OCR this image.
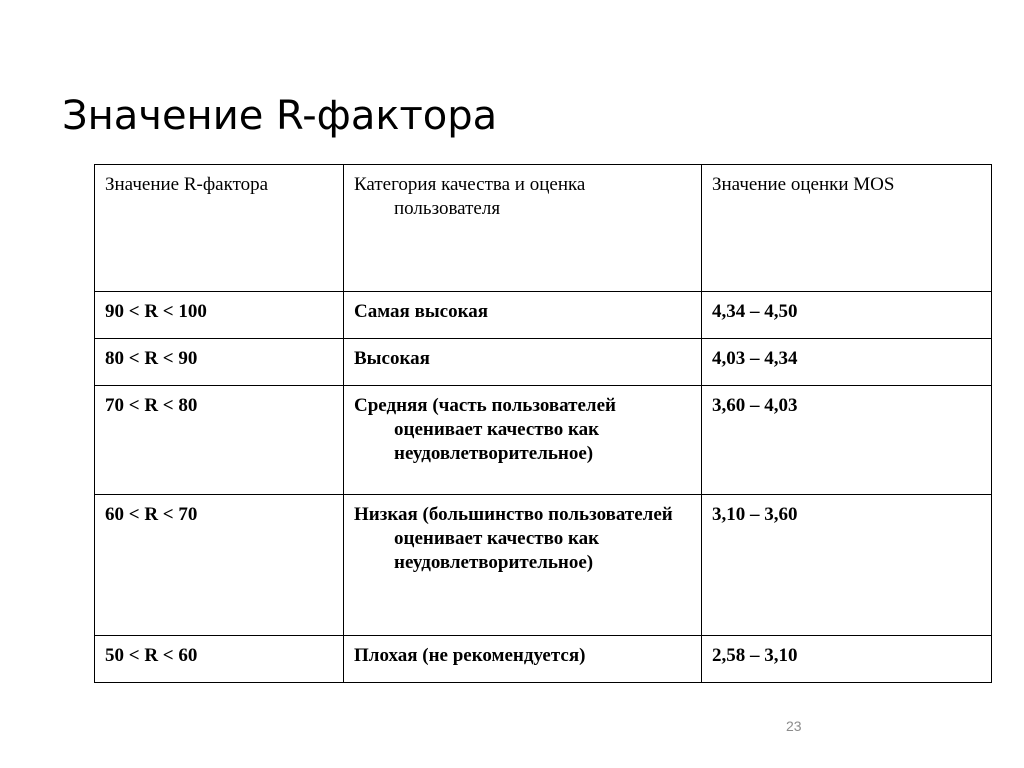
Значение R-фактора
Значение R-фактора	Категория качества и оценка пользователя	Значение оценки MOS

90 < R < 100	Самая высокая	4,34 – 4,50

80 < R < 90	Высокая	4,03 – 4,34

70 < R < 80	Средняя (часть пользователей оценивает качество как неудовлетворительное)	3,60 – 4,03

60 < R < 70	Низкая (большинство пользователей оценивает качество как неудовлетворительное)	3,10 – 3,60

50 < R < 60	Плохая (не рекомендуется)	2,58 – 3,10
23
